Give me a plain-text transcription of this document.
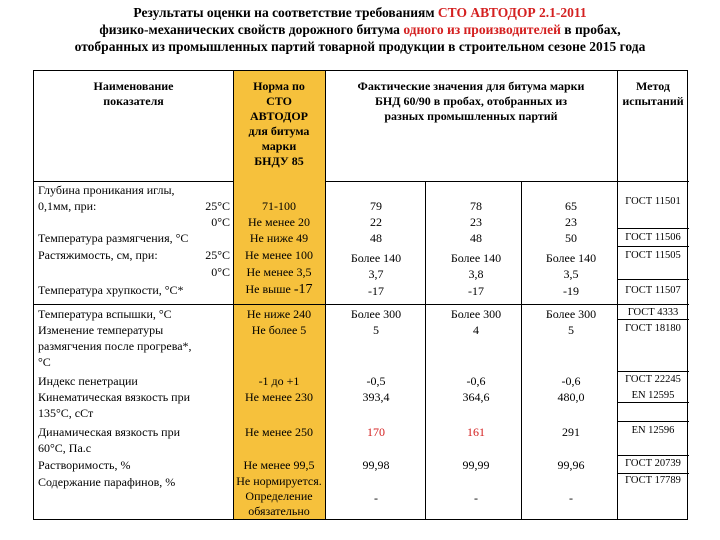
Результаты оценки на соответствие требованиям СТО АВТОДОР 2.1-2011
физико-механических свойств дорожного битума одного из производителей в пробах,
отобранных из промышленных партий товарной продукции в строительном сезоне 2015 года
Наименование
показателя
Норма по
СТО
АВТОДОР
для битума
марки
БНДУ 85
Фактические значения для битума марки
БНД 60/90 в пробах, отобранных из
разных промышленных партий
Метод
испытаний
Глубина проникания иглы,
0,1мм, при:	25°С
0°С
Температура размягчения, °С
Растяжимость, см, при:	25°С
0°С
Температура хрупкости, °С*
Температура вспышки, °С
Изменение температуры
размягчения после прогрева*,
°С
Индекс пенетрации
Кинематическая вязкость при
135°С, сСт
Динамическая вязкость при
60°С, Па.с
Растворимость, %
Содержание парафинов, %
71-100
Не менее 20
Не ниже 49
Не менее 100
Не менее 3,5
Не выше -17
Не ниже 240
Не более 5
-1 до +1
Не менее 230
Не менее 250
Не менее 99,5
Не нормируется.
Определение
обязательно
79
22
48
Более 140
3,7
-17
Более 300
5
-0,5
393,4
170
99,98
-
78
23
48
Более 140
3,8
-17
Более 300
4
-0,6
364,6
161
99,99
-
65
23
50
Более 140
3,5
-19
Более 300
5
-0,6
480,0
291
99,96
-
ГОСТ 11501
ГОСТ 11506
ГОСТ 11505
ГОСТ 11507
ГОСТ 4333
ГОСТ 18180
ГОСТ 22245
EN 12595
EN 12596
ГОСТ 20739
ГОСТ 17789
